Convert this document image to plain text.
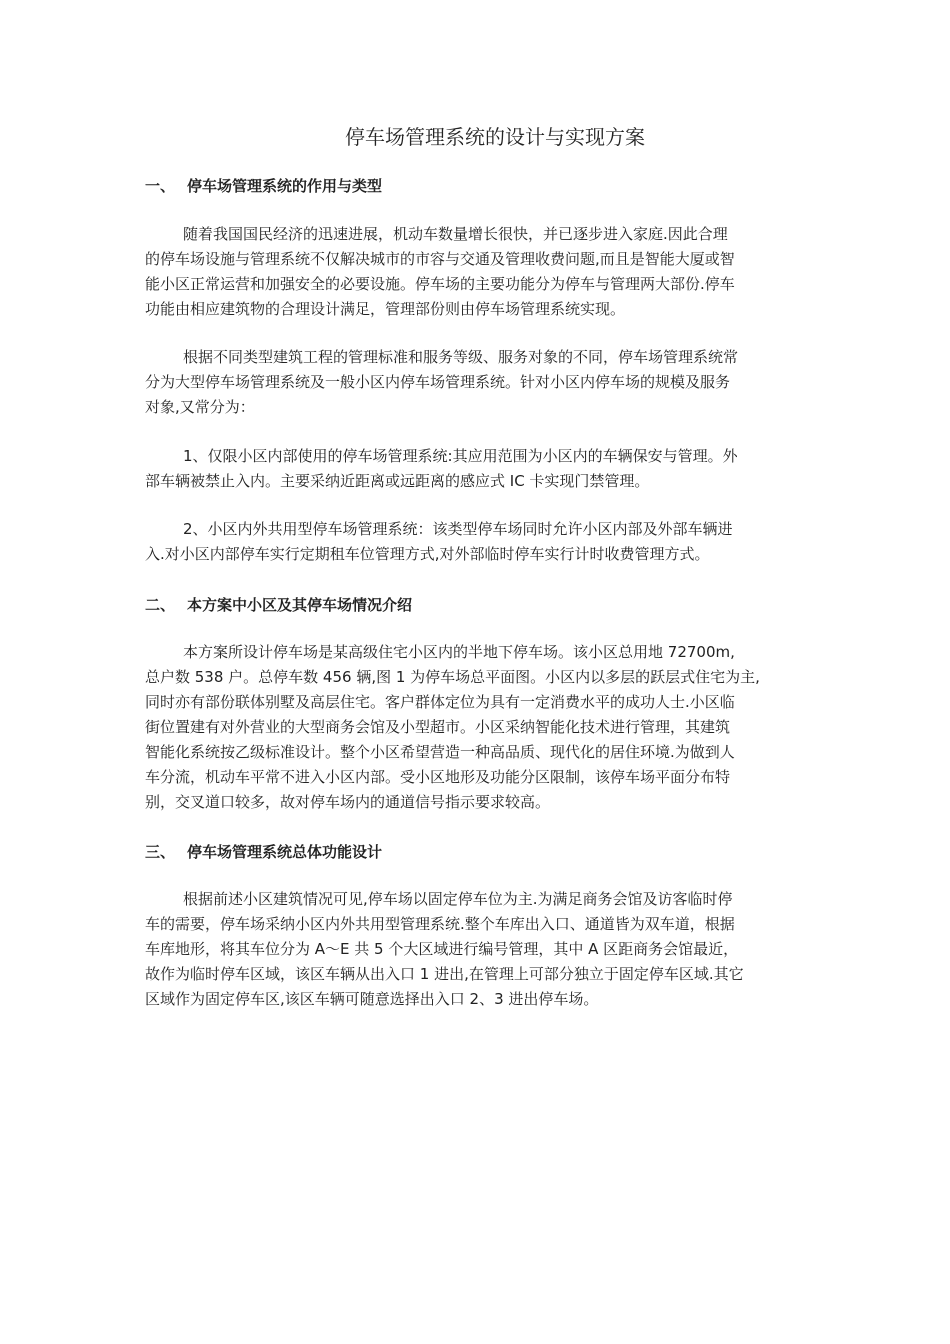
停车场管理系统的设计与实现方案
一、 停车场管理系统的作用与类型

随着我国国民经济的迅速进展，机动车数量增长很快，并已逐步进入家庭.因此合理
的停车场设施与管理系统不仅解决城市的市容与交通及管理收费问题,而且是智能大厦或智
能小区正常运营和加强安全的必要设施。停车场的主要功能分为停车与管理两大部份.停车
功能由相应建筑物的合理设计满足，管理部份则由停车场管理系统实现。

根据不同类型建筑工程的管理标准和服务等级、服务对象的不同，停车场管理系统常
分为大型停车场管理系统及一般小区内停车场管理系统。针对小区内停车场的规模及服务
对象,又常分为：

1、仅限小区内部使用的停车场管理系统:其应用范围为小区内的车辆保安与管理。外
部车辆被禁止入内。主要采纳近距离或远距离的感应式 IC 卡实现门禁管理。

2、小区内外共用型停车场管理系统：该类型停车场同时允许小区内部及外部车辆进
入.对小区内部停车实行定期租车位管理方式,对外部临时停车实行计时收费管理方式。

二、 本方案中小区及其停车场情况介绍

本方案所设计停车场是某高级住宅小区内的半地下停车场。该小区总用地 72700m,
总户数 538 户。总停车数 456 辆,图 1 为停车场总平面图。小区内以多层的跃层式住宅为主,
同时亦有部份联体别墅及高层住宅。客户群体定位为具有一定消费水平的成功人士.小区临
街位置建有对外营业的大型商务会馆及小型超市。小区采纳智能化技术进行管理，其建筑
智能化系统按乙级标准设计。整个小区希望营造一种高品质、现代化的居住环境.为做到人
车分流，机动车平常不进入小区内部。受小区地形及功能分区限制，该停车场平面分布特
别，交叉道口较多，故对停车场内的通道信号指示要求较高。

三、 停车场管理系统总体功能设计

根据前述小区建筑情况可见,停车场以固定停车位为主.为满足商务会馆及访客临时停
车的需要，停车场采纳小区内外共用型管理系统.整个车库出入口、通道皆为双车道，根据
车库地形，将其车位分为 A～E 共 5 个大区域进行编号管理，其中 A 区距商务会馆最近，
故作为临时停车区域，该区车辆从出入口 1 进出,在管理上可部分独立于固定停车区域.其它
区域作为固定停车区,该区车辆可随意选择出入口 2、3 进出停车场。
